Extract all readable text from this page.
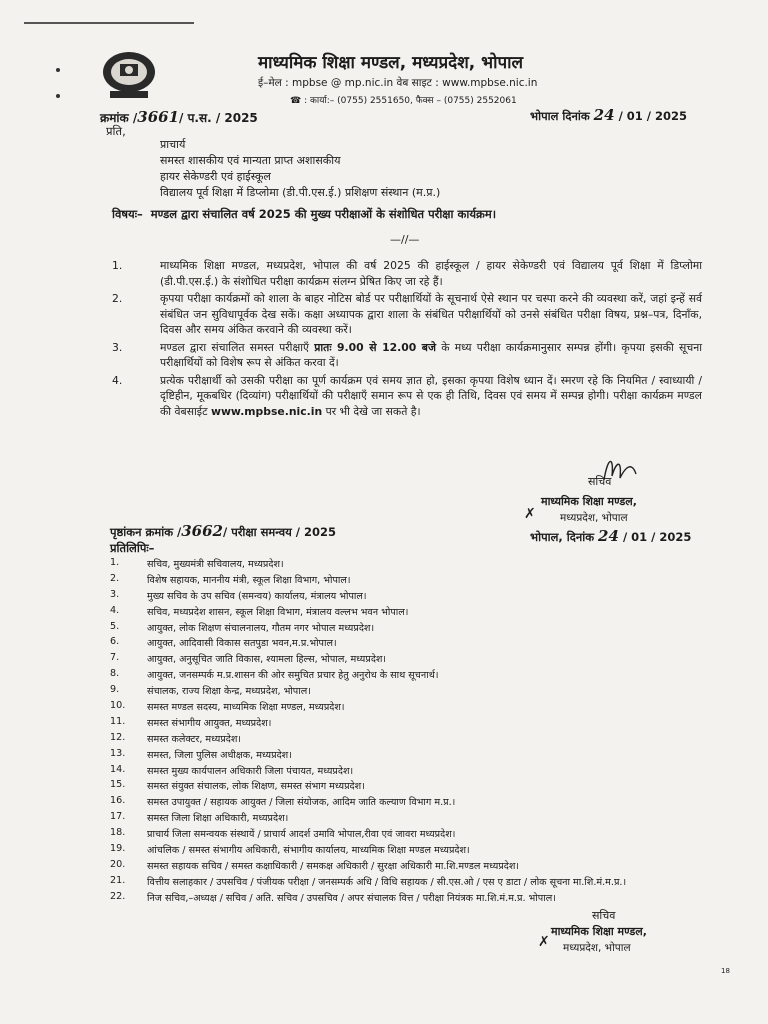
माध्यमिक शिक्षा मण्डल, मध्यप्रदेश, भोपाल
ई–मेल : mpbse @ mp.nic.in वेब साइट : www.mpbse.nic.in
☎ : कार्या:– (0755) 2551650, फैक्स – (0755) 2552061
क्रमांक /3661/ प.स. / 2025	भोपाल दिनांक 24 / 01 / 2025
प्रति,
प्राचार्य
समस्त शासकीय एवं मान्यता प्राप्त अशासकीय
हायर सेकेण्डरी एवं हाईस्कूल
विद्यालय पूर्व शिक्षा में डिप्लोमा (डी.पी.एस.ई.) प्रशिक्षण संस्थान (म.प्र.)
विषयः– मण्डल द्वारा संचालित वर्ष 2025 की मुख्य परीक्षाओं के संशोधित परीक्षा कार्यक्रम।
—//—
1.	माध्यमिक शिक्षा मण्डल, मध्यप्रदेश, भोपाल की वर्ष 2025 की हाईस्कूल / हायर सेकेण्डरी एवं विद्यालय पूर्व शिक्षा में डिप्लोमा (डी.पी.एस.ई.) के संशोधित परीक्षा कार्यक्रम संलग्न प्रेषित किए जा रहे हैं।
2.	कृपया परीक्षा कार्यक्रमों को शाला के बाहर नोटिस बोर्ड पर परीक्षार्थियों के सूचनार्थ ऐसे स्थान पर चस्पा करने की व्यवस्था करें, जहां इन्हें सर्व संबंधित जन सुविधापूर्वक देख सकें। कक्षा अध्यापक द्वारा शाला के संबंधित परीक्षार्थियों को उनसे संबंधित परीक्षा विषय, प्रश्न–पत्र, दिनाँक, दिवस और समय अंकित करवाने की व्यवस्था करें।
3.	मण्डल द्वारा संचालित समस्त परीक्षाएँ प्रातः 9.00 से 12.00 बजे के मध्य परीक्षा कार्यक्रमानुसार सम्पन्न होंगी। कृपया इसकी सूचना परीक्षार्थियों को विशेष रूप से अंकित करवा दें।
4.	प्रत्येक परीक्षार्थी को उसकी परीक्षा का पूर्ण कार्यक्रम एवं समय ज्ञात हो, इसका कृपया विशेष ध्यान दें। स्मरण रहे कि नियमित / स्वाध्यायी / दृष्टिहीन, मूकबधिर (दिव्यांग) परीक्षार्थियों की परीक्षाएँ समान रूप से एक ही तिथि, दिवस एवं समय में सम्पन्न होगी। परीक्षा कार्यक्रम मण्डल की वेबसाईट www.mpbse.nic.in पर भी देखे जा सकते है।
सचिव
माध्यमिक शिक्षा मण्डल,
✗ मध्यप्रदेश, भोपाल
पृष्ठांकन क्रमांक /3662/ परीक्षा समन्वय / 2025	भोपाल, दिनांक 24 / 01 / 2025
प्रतिलिपिः–
1.	सचिव, मुख्यमंत्री सचिवालय, मध्यप्रदेश।
2.	विशेष सहायक, माननीय मंत्री, स्कूल शिक्षा विभाग, भोपाल।
3.	मुख्य सचिव के उप सचिव (समन्वय) कार्यालय, मंत्रालय भोपाल।
4.	सचिव, मध्यप्रदेश शासन, स्कूल शिक्षा विभाग, मंत्रालय वल्लभ भवन भोपाल।
5.	आयुक्त, लोक शिक्षण संचालनालय, गौतम नगर भोपाल मध्यप्रदेश।
6.	आयुक्त, आदिवासी विकास सतपुडा भवन,म.प्र.भोपाल।
7.	आयुक्त, अनुसूचित जाति विकास, श्यामला हिल्स, भोपाल, मध्यप्रदेश।
8.	आयुक्त, जनसम्पर्क म.प्र.शासन की ओर समुचित प्रचार हेतु अनुरोध के साथ सूचनार्थ।
9.	संचालक, राज्य शिक्षा केन्द्र, मध्यप्रदेश, भोपाल।
10. समस्त मण्डल सदस्य, माध्यमिक शिक्षा मण्डल, मध्यप्रदेश।
11. समस्त संभागीय आयुक्त, मध्यप्रदेश।
12. समस्त कलेक्टर, मध्यप्रदेश।
13. समस्त, जिला पुलिस अधीक्षक, मध्यप्रदेश।
14. समस्त मुख्य कार्यपालन अधिकारी जिला पंचायत, मध्यप्रदेश।
15. समस्त संयुक्त संचालक, लोक शिक्षण, समस्त संभाग मध्यप्रदेश।
16. समस्त उपायुक्त / सहायक आयुक्त / जिला संयोजक, आदिम जाति कल्याण विभाग म.प्र.।
17. समस्त जिला शिक्षा अधिकारी, मध्यप्रदेश।
18. प्राचार्य जिला समन्वयक संस्थायें / प्राचार्य आदर्श उमावि भोपाल,रीवा एवं जावरा मध्यप्रदेश।
19. आंचलिक / समस्त संभागीय अधिकारी, संभागीय कार्यालय, माध्यमिक शिक्षा मण्डल मध्यप्रदेश।
20. समस्त सहायक सचिव / समस्त कक्षाधिकारी / समकक्ष अधिकारी / सुरक्षा अधिकारी मा.शि.मण्डल मध्यप्रदेश।
21. वित्तीय सलाहकार / उपसचिव / पंजीयक परीक्षा / जनसम्पर्क अधि / विधि सहायक / सी.एस.ओ / एस ए डाटा / लोक सूचना मा.शि.मं.म.प्र.।
22. निज सचिव,–अध्यक्ष / सचिव / अति. सचिव / उपसचिव / अपर संचालक वित्त / परीक्षा नियंत्रक मा.शि.मं.म.प्र. भोपाल।
सचिव
माध्यमिक शिक्षा मण्डल,
✗ मध्यप्रदेश, भोपाल
18
